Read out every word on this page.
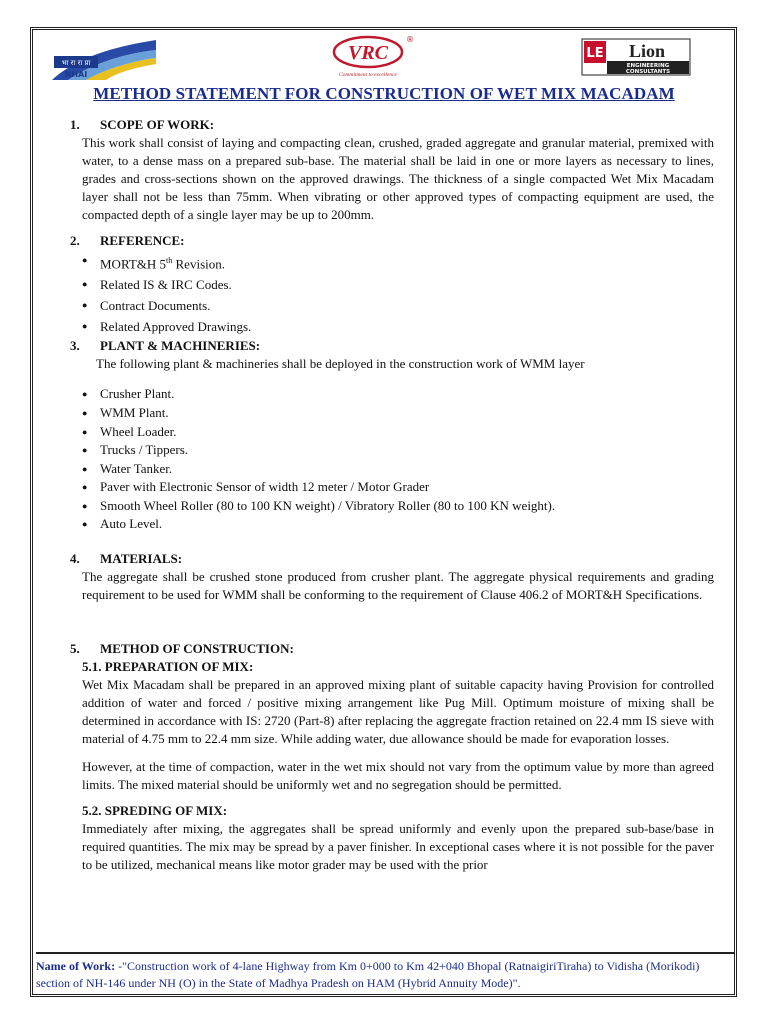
भा रा रा प्रा
NHAI
VRC
®
Commitment to excellence
LE Lion
ENGINEERING
CONSULTANTS
METHOD STATEMENT FOR CONSTRUCTION OF WET MIX MACADAM
1.	SCOPE OF WORK:

This work shall consist of laying and compacting clean, crushed, graded aggregate and granular material, premixed with water, to a dense mass on a prepared sub-base. The material shall be laid in one or more layers as necessary to lines, grades and cross-sections shown on the approved drawings. The thickness of a single compacted Wet Mix Macadam layer shall not be less than 75mm. When vibrating or other approved types of compacting equipment are used, the compacted depth of a single layer may be up to 200mm.

2.	REFERENCE:
● MORT&H 5th Revision.
● Related IS & IRC Codes.
● Contract Documents.
● Related Approved Drawings.
3.	PLANT & MACHINERIES:

The following plant & machineries shall be deployed in the construction work of WMM layer

● Crusher Plant.
● WMM Plant.
● Wheel Loader.
● Trucks / Tippers.
● Water Tanker.
● Paver with Electronic Sensor of width 12 meter / Motor Grader
● Smooth Wheel Roller (80 to 100 KN weight) / Vibratory Roller (80 to 100 KN weight).
● Auto Level.
4.	MATERIALS:

The aggregate shall be crushed stone produced from crusher plant. The aggregate physical requirements and grading requirement to be used for WMM shall be conforming to the requirement of Clause 406.2 of MORT&H Specifications.

5.	METHOD OF CONSTRUCTION:
5.1. PREPARATION OF MIX:

Wet Mix Macadam shall be prepared in an approved mixing plant of suitable capacity having Provision for controlled addition of water and forced / positive mixing arrangement like Pug Mill. Optimum moisture of mixing shall be determined in accordance with IS: 2720 (Part-8) after replacing the aggregate fraction retained on 22.4 mm IS sieve with material of 4.75 mm to 22.4 mm size. While adding water, due allowance should be made for evaporation losses.

However, at the time of compaction, water in the wet mix should not vary from the optimum value by more than agreed limits. The mixed material should be uniformly wet and no segregation should be permitted.

5.2. SPREDING OF MIX:

Immediately after mixing, the aggregates shall be spread uniformly and evenly upon the prepared sub-base/base in required quantities. The mix may be spread by a paver finisher. In exceptional cases where it is not possible for the paver to be utilized, mechanical means like motor grader may be used with the prior

Name of Work: -"Construction work of 4-lane Highway from Km 0+000 to Km 42+040 Bhopal (RatnaigiriTiraha) to Vidisha (Morikodi) section of NH-146 under NH (O) in the State of Madhya Pradesh on HAM (Hybrid Annuity Mode)".
